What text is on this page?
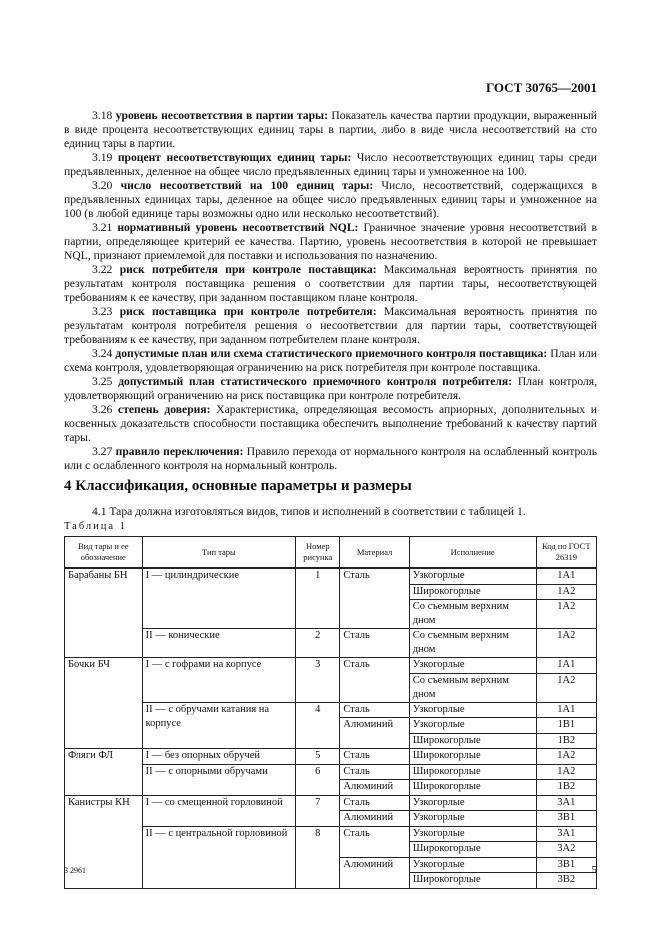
ГОСТ 30765—2001

3.18 уровень несоответствия в партии тары: Показатель качества партии продукции, выраженный в виде процента несоответствующих единиц тары в партии, либо в виде числа несоответствий на сто единиц тары в партии.

3.19 процент несоответствующих единиц тары: Число несоответствующих единиц тары среди предъявленных, деленное на общее число предъявленных единиц тары и умноженное на 100.

3.20 число несоответствий на 100 единиц тары: Число, несоответствий, содержащихся в предъявленных единицах тары, деленное на общее число предъявленных единиц тары и умноженное на 100 (в любой единице тары возможны одно или несколько несоответствий).

3.21 нормативный уровень несоответствий NQL: Граничное значение уровня несоответствий в партии, определяющее критерий ее качества. Партию, уровень несоответствия в которой не превышает NQL, признают приемлемой для поставки и использования по назначению.

3.22 риск потребителя при контроле поставщика: Максимальная вероятность принятия по результатам контроля поставщика решения о соответствии для партии тары, несоответствующей требованиям к ее качеству, при заданном поставщиком плане контроля.

3.23 риск поставщика при контроле потребителя: Максимальная вероятность принятия по результатам контроля потребителя решения о несоответствии для партии тары, соответствующей требованиям к ее качеству, при заданном потребителем плане контроля.

3.24 допустимые план или схема статистического приемочного контроля поставщика: План или схема контроля, удовлетворяющая ограничению на риск потребителя при контроле поставщика.

3.25 допустимый план статистического приемочного контроля потребителя: План контроля, удовлетворяющий ограничению на риск поставщика при контроле потребителя.

3.26 степень доверия: Характеристика, определяющая весомость априорных, дополнительных и косвенных доказательств способности поставщика обеспечить выполнение требований к качеству партий тары.

3.27 правило переключения: Правило перехода от нормального контроля на ослабленный контроль или с ослабленного контроля на нормальный контроль.

4 Классификация, основные параметры и размеры
4.1 Тара должна изготовляться видов, типов и исполнений в соответствии с таблицей 1.
Таблица 1
Вид тары и ее обозначение	Тип тары	Номер рисунка	Материал	Исполнение	Код по ГОСТ 26319
Барабаны БН	I — цилиндрические	1	Сталь	Узкогорлые	1А1
				Широкогорлые	1А2
				Со съемным верхним дном	1А2
	II — конические	2	Сталь	Со съемным верхним дном	1А2
Бочки БЧ	I — с гофрами на корпусе	3	Сталь	Узкогорлые	1А1
				Со съемным верхним дном	1А2
	II — с обручами катания на корпусе	4	Сталь	Узкогорлые	1А1
			Алюминий	Узкогорлые	1В1
				Широкогорлые	1В2
Фляги ФЛ	I — без опорных обручей	5	Сталь	Широкогорлые	1А2
	II — с опорными обручами	6	Сталь	Широкогорлые	1А2
			Алюминий	Широкогорлые	1В2
Канистры КН	I — со смещенной горловиной	7	Сталь	Узкогорлые	3А1
			Алюминий	Узкогорлые	3В1
	II — с центральной горловиной	8	Сталь	Узкогорлые	3А1
				Широкогорлые	3А2
			Алюминий	Узкогорлые	3В1
				Широкогорлые	3В2
3 2961	5
